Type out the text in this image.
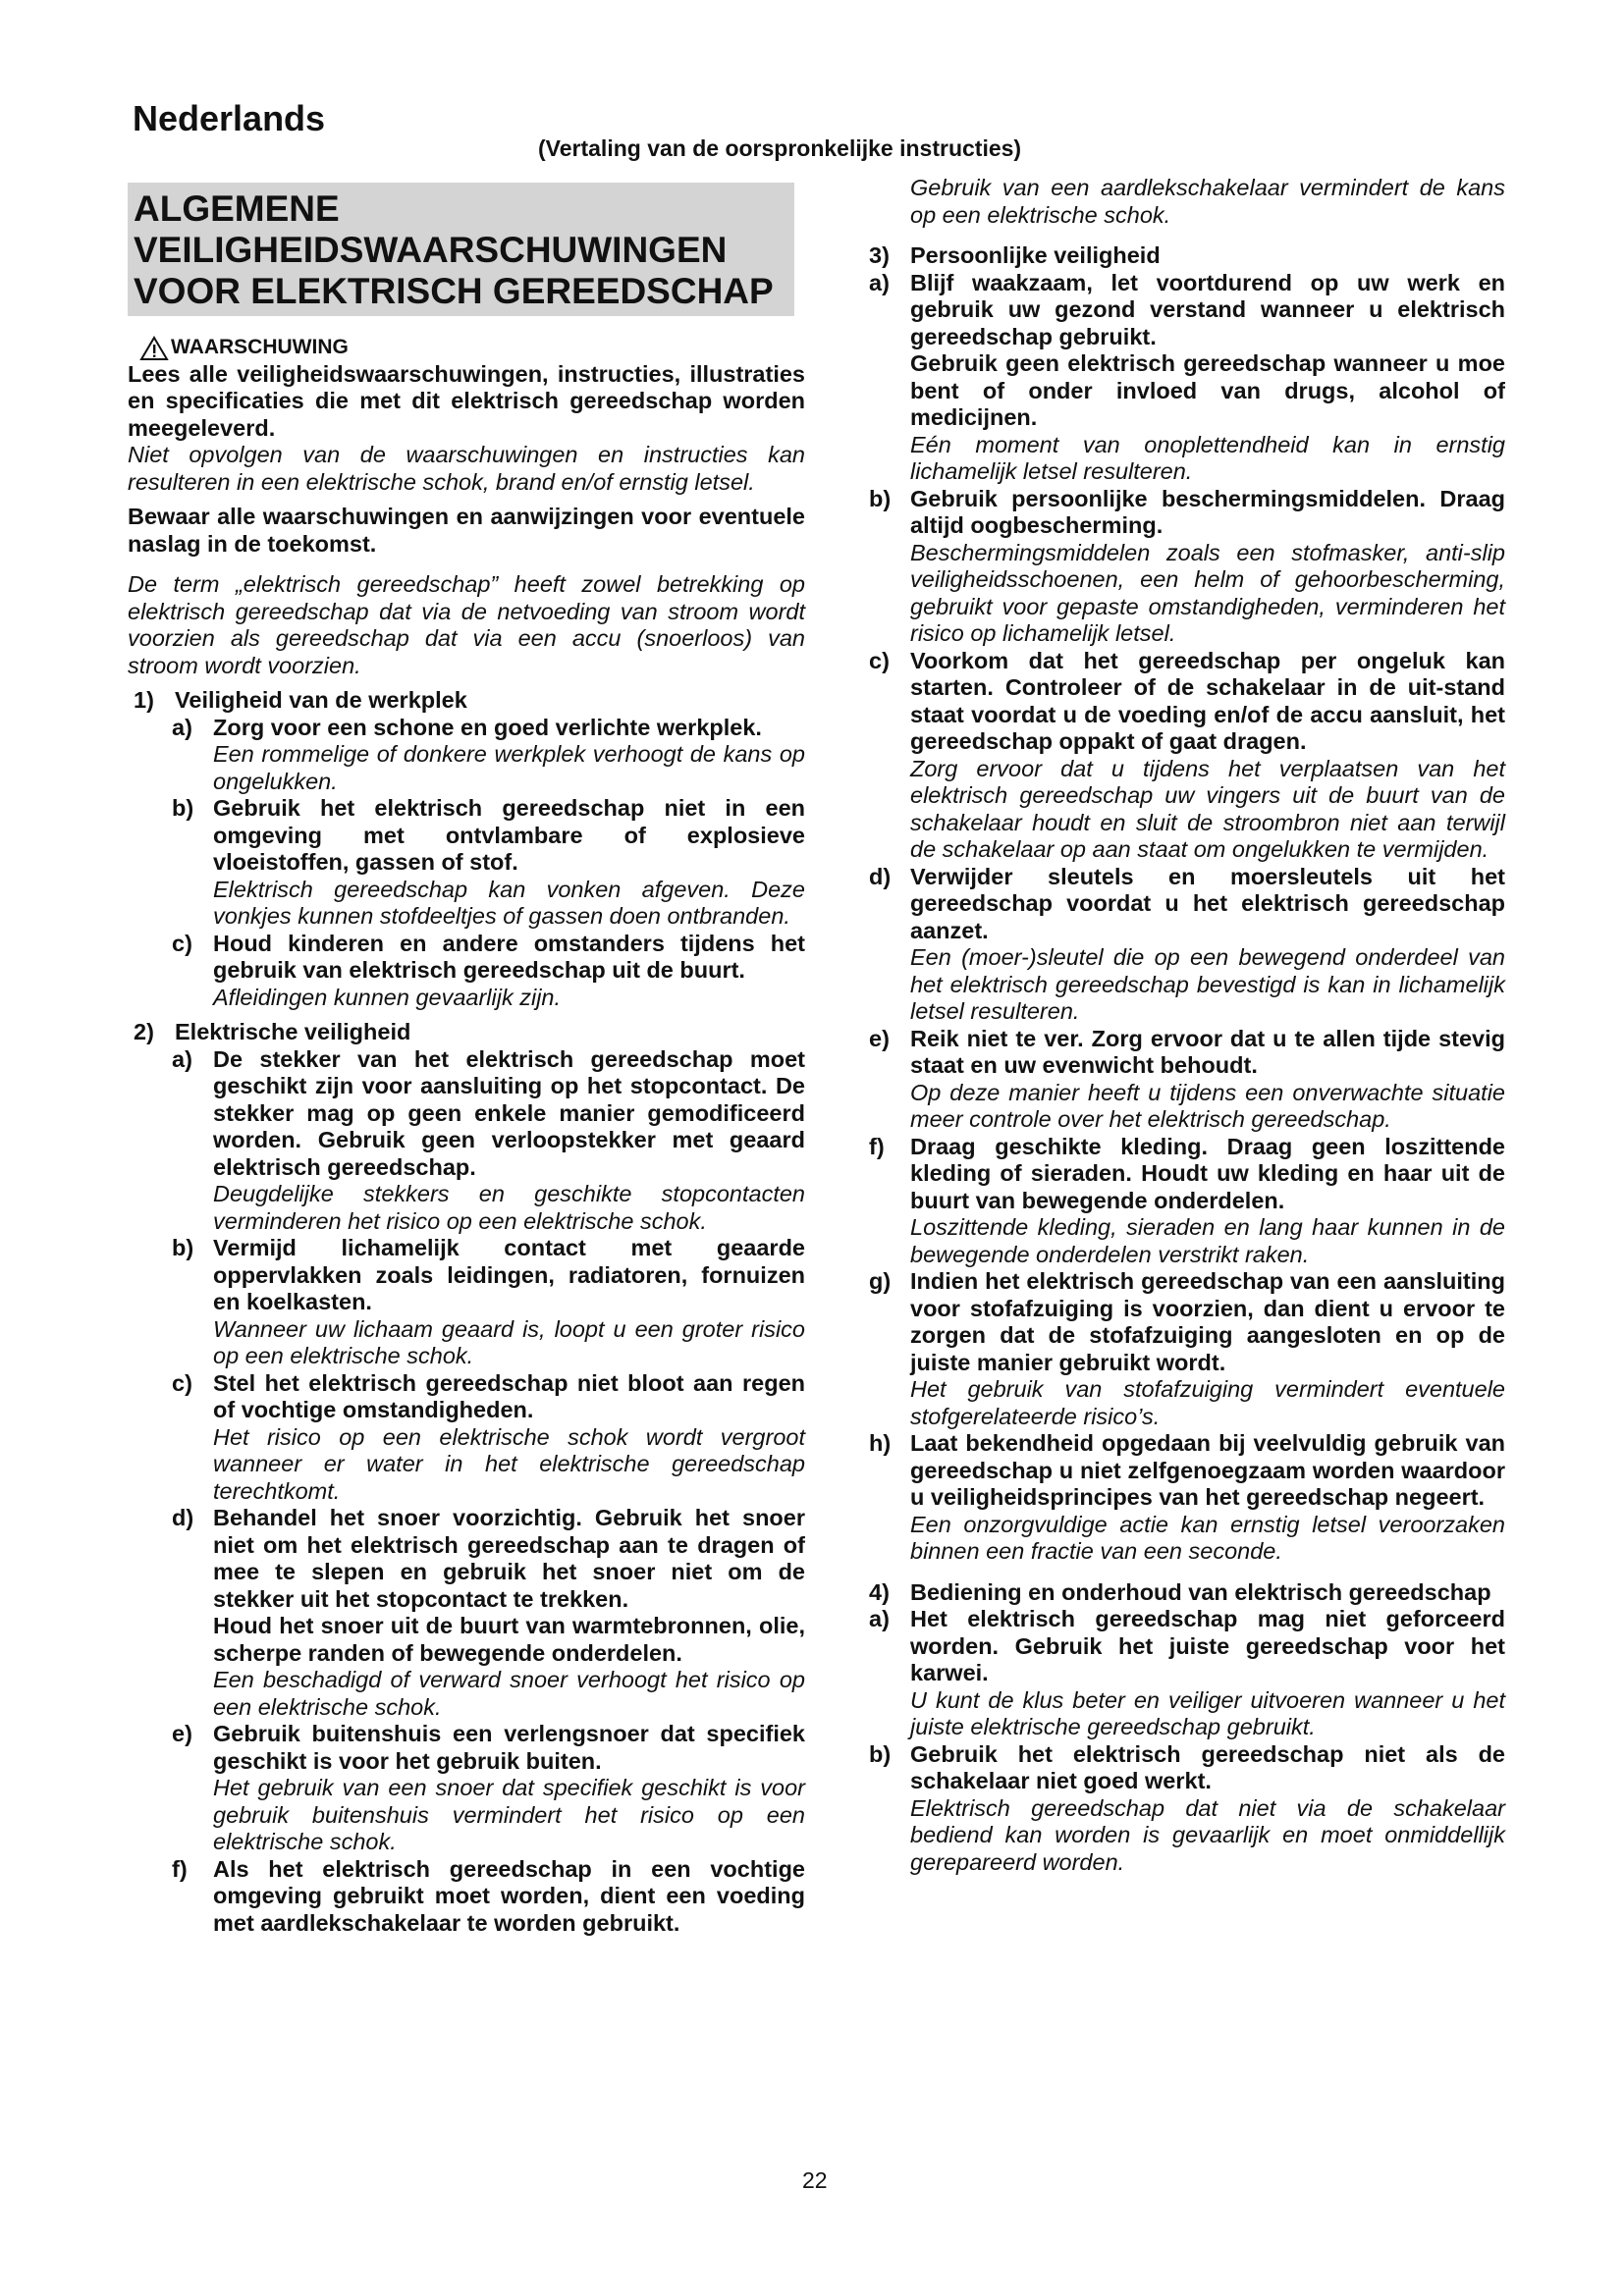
Nederlands
(Vertaling van de oorspronkelijke instructies)
ALGEMENE
VEILIGHEIDSWAARSCHUWINGEN
VOOR ELEKTRISCH GEREEDSCHAP
WAARSCHUWING

Lees alle veiligheidswaarschuwingen, instructies, illustraties en specificaties die met dit elektrisch gereedschap worden meegeleverd.

Niet opvolgen van de waarschuwingen en instructies kan resulteren in een elektrische schok, brand en/of ernstig letsel.

Bewaar alle waarschuwingen en aanwijzingen voor eventuele naslag in de toekomst.

De term „elektrisch gereedschap” heeft zowel betrekking op elektrisch gereedschap dat via de netvoeding van stroom wordt voorzien als gereedschap dat via een accu (snoerloos) van stroom wordt voorzien.

1) Veiligheid van de werkplek
a) Zorg voor een schone en goed verlichte werkplek.

Een rommelige of donkere werkplek verhoogt de kans op ongelukken.

b) Gebruik het elektrisch gereedschap niet in een omgeving met ontvlambare of explosieve vloeistoffen, gassen of stof.

Elektrisch gereedschap kan vonken afgeven. Deze vonkjes kunnen stofdeeltjes of gassen doen ontbranden.

c) Houd kinderen en andere omstanders tijdens het gebruik van elektrisch gereedschap uit de buurt.

Afleidingen kunnen gevaarlijk zijn.

2) Elektrische veiligheid
a) De stekker van het elektrisch gereedschap moet geschikt zijn voor aansluiting op het stopcontact. De stekker mag op geen enkele manier gemodificeerd worden. Gebruik geen verloopstekker met geaard elektrisch gereedschap.

Deugdelijke stekkers en geschikte stopcontacten verminderen het risico op een elektrische schok.

b) Vermijd lichamelijk contact met geaarde oppervlakken zoals leidingen, radiatoren, fornuizen en koelkasten.

Wanneer uw lichaam geaard is, loopt u een groter risico op een elektrische schok.

c) Stel het elektrisch gereedschap niet bloot aan regen of vochtige omstandigheden.

Het risico op een elektrische schok wordt vergroot wanneer er water in het elektrische gereedschap terechtkomt.

d) Behandel het snoer voorzichtig. Gebruik het snoer niet om het elektrisch gereedschap aan te dragen of mee te slepen en gebruik het snoer niet om de stekker uit het stopcontact te trekken.

Houd het snoer uit de buurt van warmtebronnen, olie, scherpe randen of bewegende onderdelen.

Een beschadigd of verward snoer verhoogt het risico op een elektrische schok.

e) Gebruik buitenshuis een verlengsnoer dat specifiek geschikt is voor het gebruik buiten.

Het gebruik van een snoer dat specifiek geschikt is voor gebruik buitenshuis vermindert het risico op een elektrische schok.

f)	Als het elektrisch gereedschap in een vochtige omgeving gebruikt moet worden, dient een voeding met aardlekschakelaar te worden gebruikt.

Gebruik van een aardlekschakelaar vermindert de kans op een elektrische schok.

3) Persoonlijke veiligheid
a) Blijf waakzaam, let voortdurend op uw werk en gebruik uw gezond verstand wanneer u elektrisch gereedschap gebruikt.

Gebruik geen elektrisch gereedschap wanneer u moe bent of onder invloed van drugs, alcohol of medicijnen.

Eén moment van onoplettendheid kan in ernstig lichamelijk letsel resulteren.

b) Gebruik persoonlijke beschermingsmiddelen. Draag altijd oogbescherming.

Beschermingsmiddelen zoals een stofmasker, anti-slip veiligheidsschoenen, een helm of gehoorbescherming, gebruikt voor gepaste omstandigheden, verminderen het risico op lichamelijk letsel.

c) Voorkom dat het gereedschap per ongeluk kan starten. Controleer of de schakelaar in de uit-stand staat voordat u de voeding en/of de accu aansluit, het gereedschap oppakt of gaat dragen.

Zorg ervoor dat u tijdens het verplaatsen van het elektrisch gereedschap uw vingers uit de buurt van de schakelaar houdt en sluit de stroombron niet aan terwijl de schakelaar op aan staat om ongelukken te vermijden.

d) Verwijder sleutels en moersleutels uit het gereedschap voordat u het elektrisch gereedschap aanzet.

Een (moer-)sleutel die op een bewegend onderdeel van het elektrisch gereedschap bevestigd is kan in lichamelijk letsel resulteren.

e) Reik niet te ver. Zorg ervoor dat u te allen tijde stevig staat en uw evenwicht behoudt.

Op deze manier heeft u tijdens een onverwachte situatie meer controle over het elektrisch gereedschap.

f)	Draag geschikte kleding. Draag geen loszittende kleding of sieraden. Houdt uw kleding en haar uit de buurt van bewegende onderdelen.

Loszittende kleding, sieraden en lang haar kunnen in de bewegende onderdelen verstrikt raken.

g) Indien het elektrisch gereedschap van een aansluiting voor stofafzuiging is voorzien, dan dient u ervoor te zorgen dat de stofafzuiging aangesloten en op de juiste manier gebruikt wordt.

Het gebruik van stofafzuiging vermindert eventuele stofgerelateerde risico’s.

h) Laat bekendheid opgedaan bij veelvuldig gebruik van gereedschap u niet zelfgenoegzaam worden waardoor u veiligheidsprincipes van het gereedschap negeert.

Een onzorgvuldige actie kan ernstig letsel veroorzaken binnen een fractie van een seconde.

4) Bediening en onderhoud van elektrisch gereedschap
a) Het elektrisch gereedschap mag niet geforceerd worden. Gebruik het juiste gereedschap voor het karwei.

U kunt de klus beter en veiliger uitvoeren wanneer u het juiste elektrische gereedschap gebruikt.

b) Gebruik het elektrisch gereedschap niet als de schakelaar niet goed werkt.

Elektrisch gereedschap dat niet via de schakelaar bediend kan worden is gevaarlijk en moet onmiddellijk gerepareerd worden.

22
